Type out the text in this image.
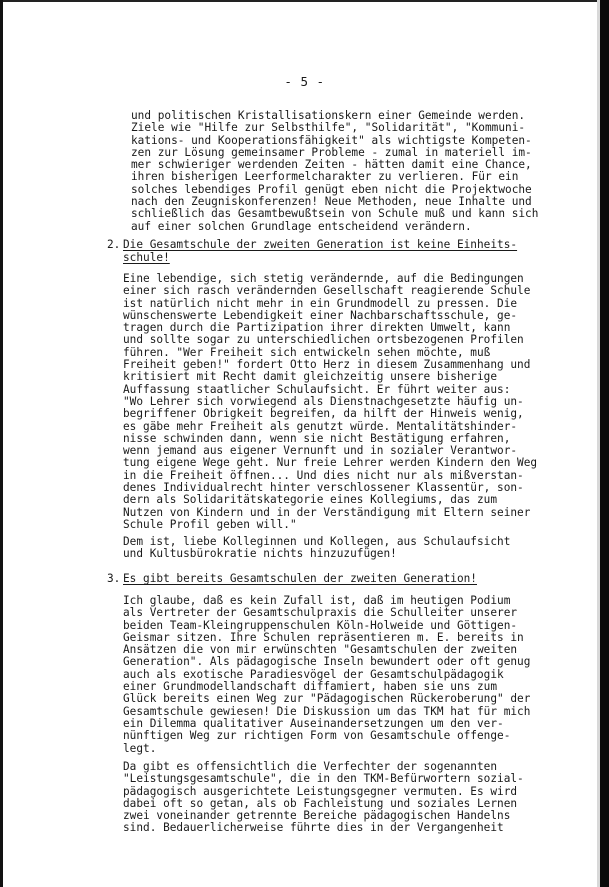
- 5 -
und politischen Kristallisationskern einer Gemeinde werden.
Ziele wie "Hilfe zur Selbsthilfe", "Solidarität", "Kommuni-
kations- und Kooperationsfähigkeit" als wichtigste Kompeten-
zen zur Lösung gemeinsamer Probleme - zumal in materiell im-
mer schwieriger werdenden Zeiten - hätten damit eine Chance,
ihren bisherigen Leerformelcharakter zu verlieren. Für ein
solches lebendiges Profil genügt eben nicht die Projektwoche
nach den Zeugniskonferenzen! Neue Methoden, neue Inhalte und
schließlich das Gesamtbewußtsein von Schule muß und kann sich
auf einer solchen Grundlage entscheidend verändern.
2. Die Gesamtschule der zweiten Generation ist keine Einheits-
schule!
Eine lebendige, sich stetig verändernde, auf die Bedingungen
einer sich rasch verändernden Gesellschaft reagierende Schule
ist natürlich nicht mehr in ein Grundmodell zu pressen. Die
wünschenswerte Lebendigkeit einer Nachbarschaftsschule, ge-
tragen durch die Partizipation ihrer direkten Umwelt, kann
und sollte sogar zu unterschiedlichen ortsbezogenen Profilen
führen. "Wer Freiheit sich entwickeln sehen möchte, muß
Freiheit geben!" fordert Otto Herz in diesem Zusammenhang und
kritisiert mit Recht damit gleichzeitig unsere bisherige
Auffassung staatlicher Schulaufsicht. Er führt weiter aus:
"Wo Lehrer sich vorwiegend als Dienstnachgesetzte häufig un-
begriffener Obrigkeit begreifen, da hilft der Hinweis wenig,
es gäbe mehr Freiheit als genutzt würde. Mentalitätshinder-
nisse schwinden dann, wenn sie nicht Bestätigung erfahren,
wenn jemand aus eigener Vernunft und in sozialer Verantwor-
tung eigene Wege geht. Nur freie Lehrer werden Kindern den Weg
in die Freiheit öffnen... Und dies nicht nur als mißverstan-
denes Individualrecht hinter verschlossener Klassentür, son-
dern als Solidaritätskategorie eines Kollegiums, das zum
Nutzen von Kindern und in der Verständigung mit Eltern seiner
Schule Profil geben will."
Dem ist, liebe Kolleginnen und Kollegen, aus Schulaufsicht
und Kultusbürokratie nichts hinzuzufügen!
3. Es gibt bereits Gesamtschulen der zweiten Generation!
Ich glaube, daß es kein Zufall ist, daß im heutigen Podium
als Vertreter der Gesamtschulpraxis die Schulleiter unserer
beiden Team-Kleingruppenschulen Köln-Holweide und Göttigen-
Geismar sitzen. Ihre Schulen repräsentieren m. E. bereits in
Ansätzen die von mir erwünschten "Gesamtschulen der zweiten
Generation". Als pädagogische Inseln bewundert oder oft genug
auch als exotische Paradiesvögel der Gesamtschulpädagogik
einer Grundmodellandschaft diffamiert, haben sie uns zum
Glück bereits einen Weg zur "Pädagogischen Rückeroberung" der
Gesamtschule gewiesen! Die Diskussion um das TKM hat für mich
ein Dilemma qualitativer Auseinandersetzungen um den ver-
nünftigen Weg zur richtigen Form von Gesamtschule offenge-
legt.
Da gibt es offensichtlich die Verfechter der sogenannten
"Leistungsgesamtschule", die in den TKM-Befürwortern sozial-
pädagogisch ausgerichtete Leistungsgegner vermuten. Es wird
dabei oft so getan, als ob Fachleistung und soziales Lernen
zwei voneinander getrennte Bereiche pädagogischen Handelns
sind. Bedauerlicherweise führte dies in der Vergangenheit
